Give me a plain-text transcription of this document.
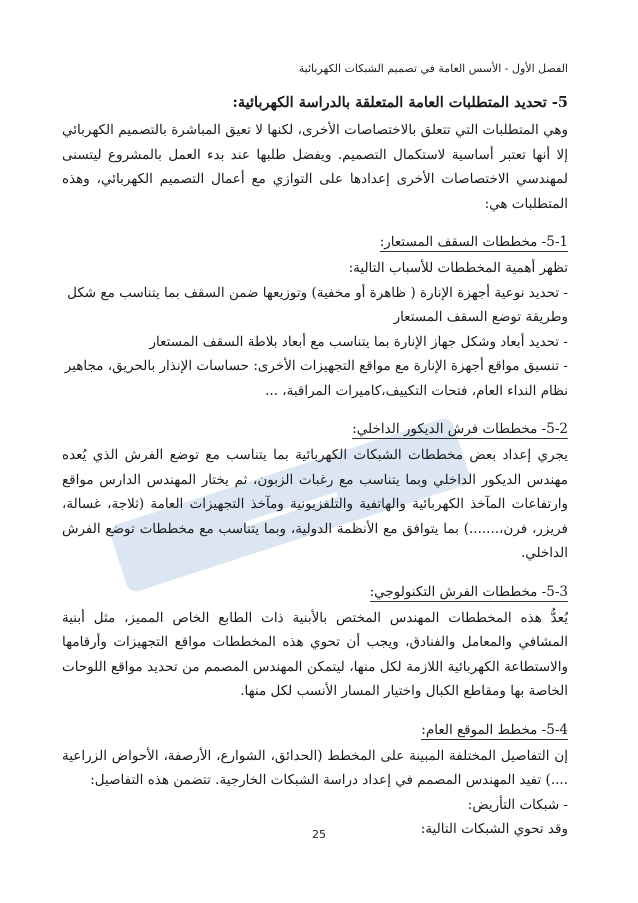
ـــــــ
الفصل الأول - الأسس العامة في تصميم الشبكات الكهربائية
5- تحديد المتطلبات العامة المتعلقة بالدراسة الكهربائية:

وهي المتطلبات التي تتعلق بالاختصاصات الأخرى، لكنها لا تعيق المباشرة بالتصميم الكهربائي إلا أنها تعتبر أساسية لاستكمال التصميم. ويفضل طلبها عند بدء العمل بالمشروع ليتسنى لمهندسي الاختصاصات الأخرى إعدادها على التوازي مع أعمال التصميم الكهربائي، وهذه المتطلبات هي:

5-1- مخططات السقف المستعار:

تظهر أهمية المخططات للأسباب التالية:

- تحديد نوعية أجهزة الإنارة ( ظاهرة أو مخفية) وتوزيعها ضمن السقف بما يتناسب مع شكل وطريقة توضع السقف المستعار

- تحديد أبعاد وشكل جهاز الإنارة بما يتناسب مع أبعاد بلاطة السقف المستعار

- تنسيق مواقع أجهزة الإنارة مع مواقع التجهيزات الأخرى: حساسات الإنذار بالحريق، مجاهير نظام النداء العام، فتحات التكييف،كاميرات المراقبة، ...

5-2- مخططات فرش الديكور الداخلي:

يجري إعداد بعض مخططات الشبكات الكهربائية بما يتناسب مع توضع الفرش الذي يُعده مهندس الديكور الداخلي وبما يتناسب مع رغبات الزبون، ثم يختار المهندس الدارس مواقع وارتفاعات المآخذ الكهربائية والهاتفية والتلفزيونية ومآخذ التجهيزات العامة (ثلاجة، غسالة، فريزر، فرن،.......) بما يتوافق مع الأنظمة الدولية، وبما يتناسب مع مخططات توضع الفرش الداخلي.

5-3- مخططات الفرش التكنولوجي:

يُعدُّ هذه المخططات المهندس المختص بالأبنية ذات الطابع الخاص المميز، مثل أبنية المشافي والمعامل والفنادق، ويجب أن تحوي هذه المخططات مواقع التجهيزات وأرقامها والاستطاعة الكهربائية اللازمة لكل منها، ليتمكن المهندس المصمم من تحديد مواقع اللوحات الخاصة بها ومقاطع الكبال واختيار المسار الأنسب لكل منها.

5-4- مخطط الموقع العام:

إن التفاصيل المختلفة المبينة على المخطط (الحدائق، الشوارع، الأرصفة، الأحواض الزراعية ....) تفيد المهندس المصمم في إعداد دراسة الشبكات الخارجية. تتضمن هذه التفاصيل:

- شبكات التأريض:

وقد تحوي الشبكات التالية:

25
